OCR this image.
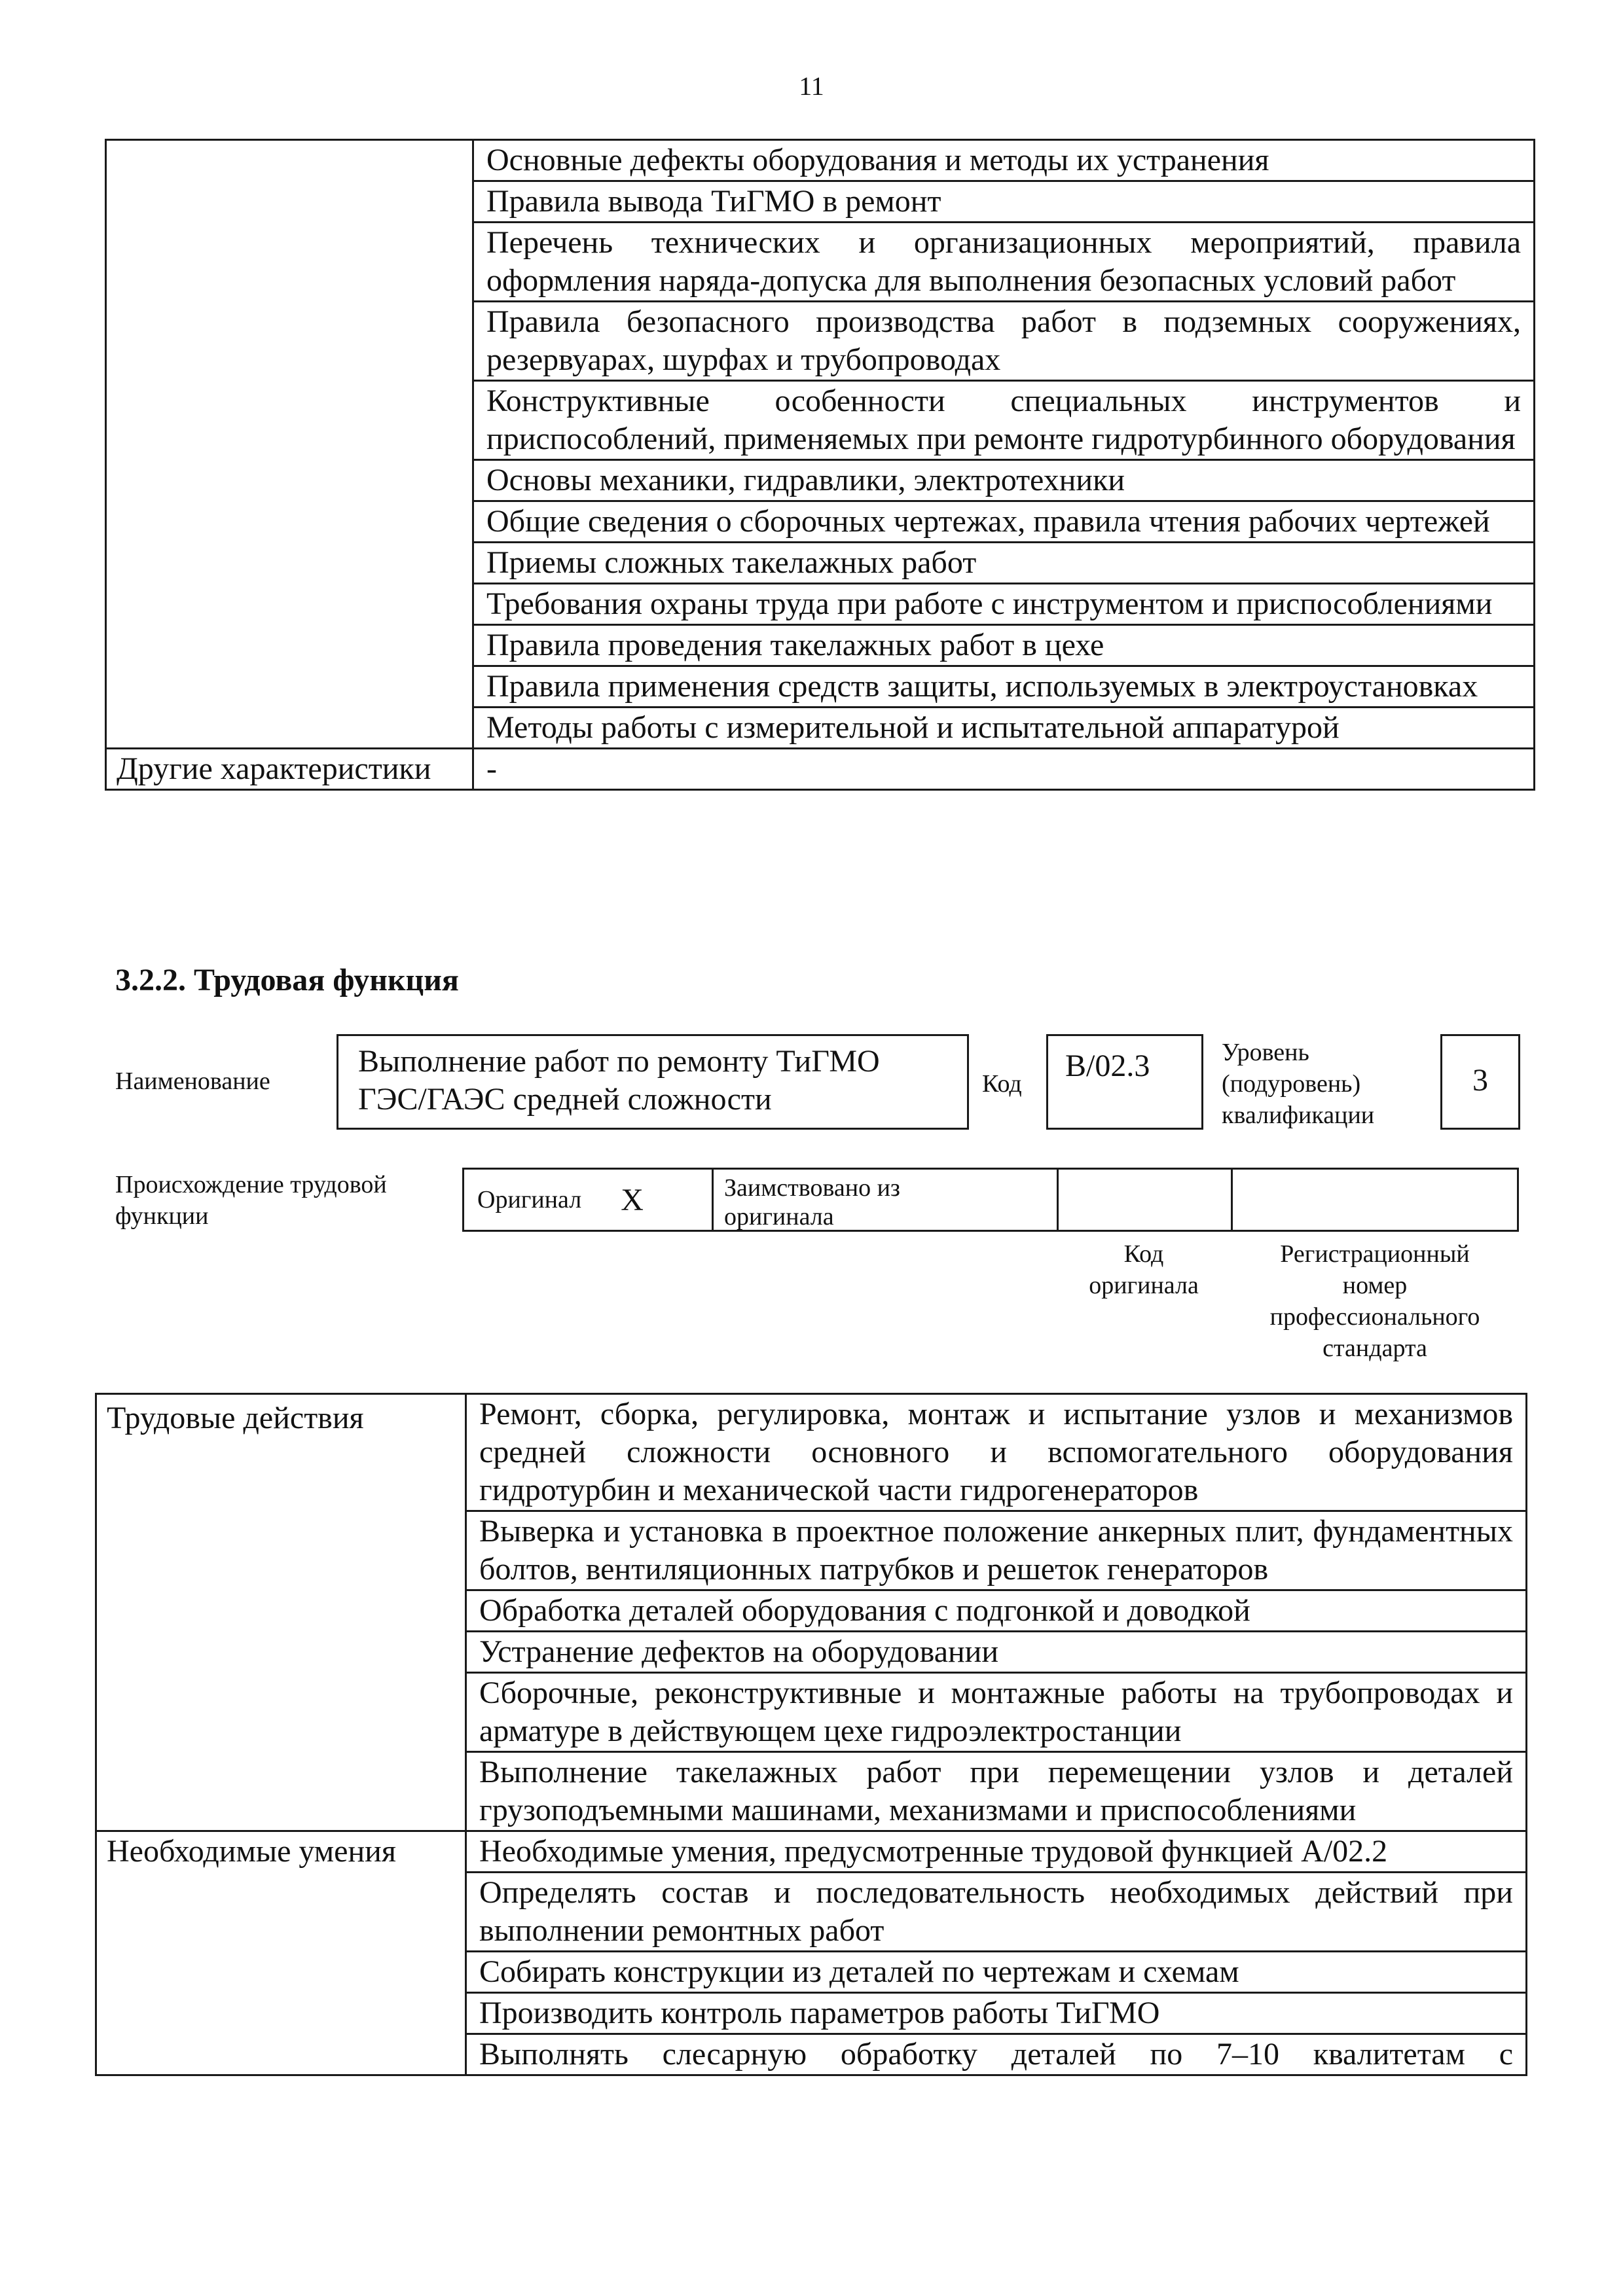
11

	Основные дефекты оборудования и методы их устранения

	Правила вывода ТиГМО в ремонт

	Перечень технических и организационных мероприятий, правила оформления наряда-допуска для выполнения безопасных условий работ

	Правила безопасного производства работ в подземных сооружениях, резервуарах, шурфах и трубопроводах

	Конструктивные особенности специальных инструментов и приспособлений, применяемых при ремонте гидротурбинного оборудования

	Основы механики, гидравлики, электротехники

	Общие сведения о сборочных чертежах, правила чтения рабочих чертежей

	Приемы сложных такелажных работ

	Требования охраны труда при работе с инструментом и приспособлениями

	Правила проведения такелажных работ в цехе

	Правила применения средств защиты, используемых в электроустановках

	Методы работы с измерительной и испытательной аппаратурой

Другие характеристики	-
3.2.2. Трудовая функция
Наименование
Выполнение работ по ремонту ТиГМО
ГЭС/ГАЭС средней сложности	Код
В/02.3	Уровень
(подуровень)
квалификации
3
Происхождение трудовой
функции
Оригинал	X	Заимствовано из
оригинала
Код
оригинала
Регистрационный
номер
профессионального
стандарта
Трудовые действия	Ремонт, сборка, регулировка, монтаж и испытание узлов и механизмов средней сложности основного и вспомогательного оборудования гидротурбин и механической части гидрогенераторов

	Выверка и установка в проектное положение анкерных плит, фундаментных болтов, вентиляционных патрубков и решеток генераторов

	Обработка деталей оборудования с подгонкой и доводкой

	Устранение дефектов на оборудовании

	Сборочные, реконструктивные и монтажные работы на трубопроводах и арматуре в действующем цехе гидроэлектростанции

	Выполнение такелажных работ при перемещении узлов и деталей грузоподъемными машинами, механизмами и приспособлениями

Необходимые умения	Необходимые умения, предусмотренные трудовой функцией А/02.2

	Определять состав и последовательность необходимых действий при выполнении ремонтных работ

	Собирать конструкции из деталей по чертежам и схемам

	Производить контроль параметров работы ТиГМО

	Выполнять слесарную обработку деталей по 7–10 квалитетам с
